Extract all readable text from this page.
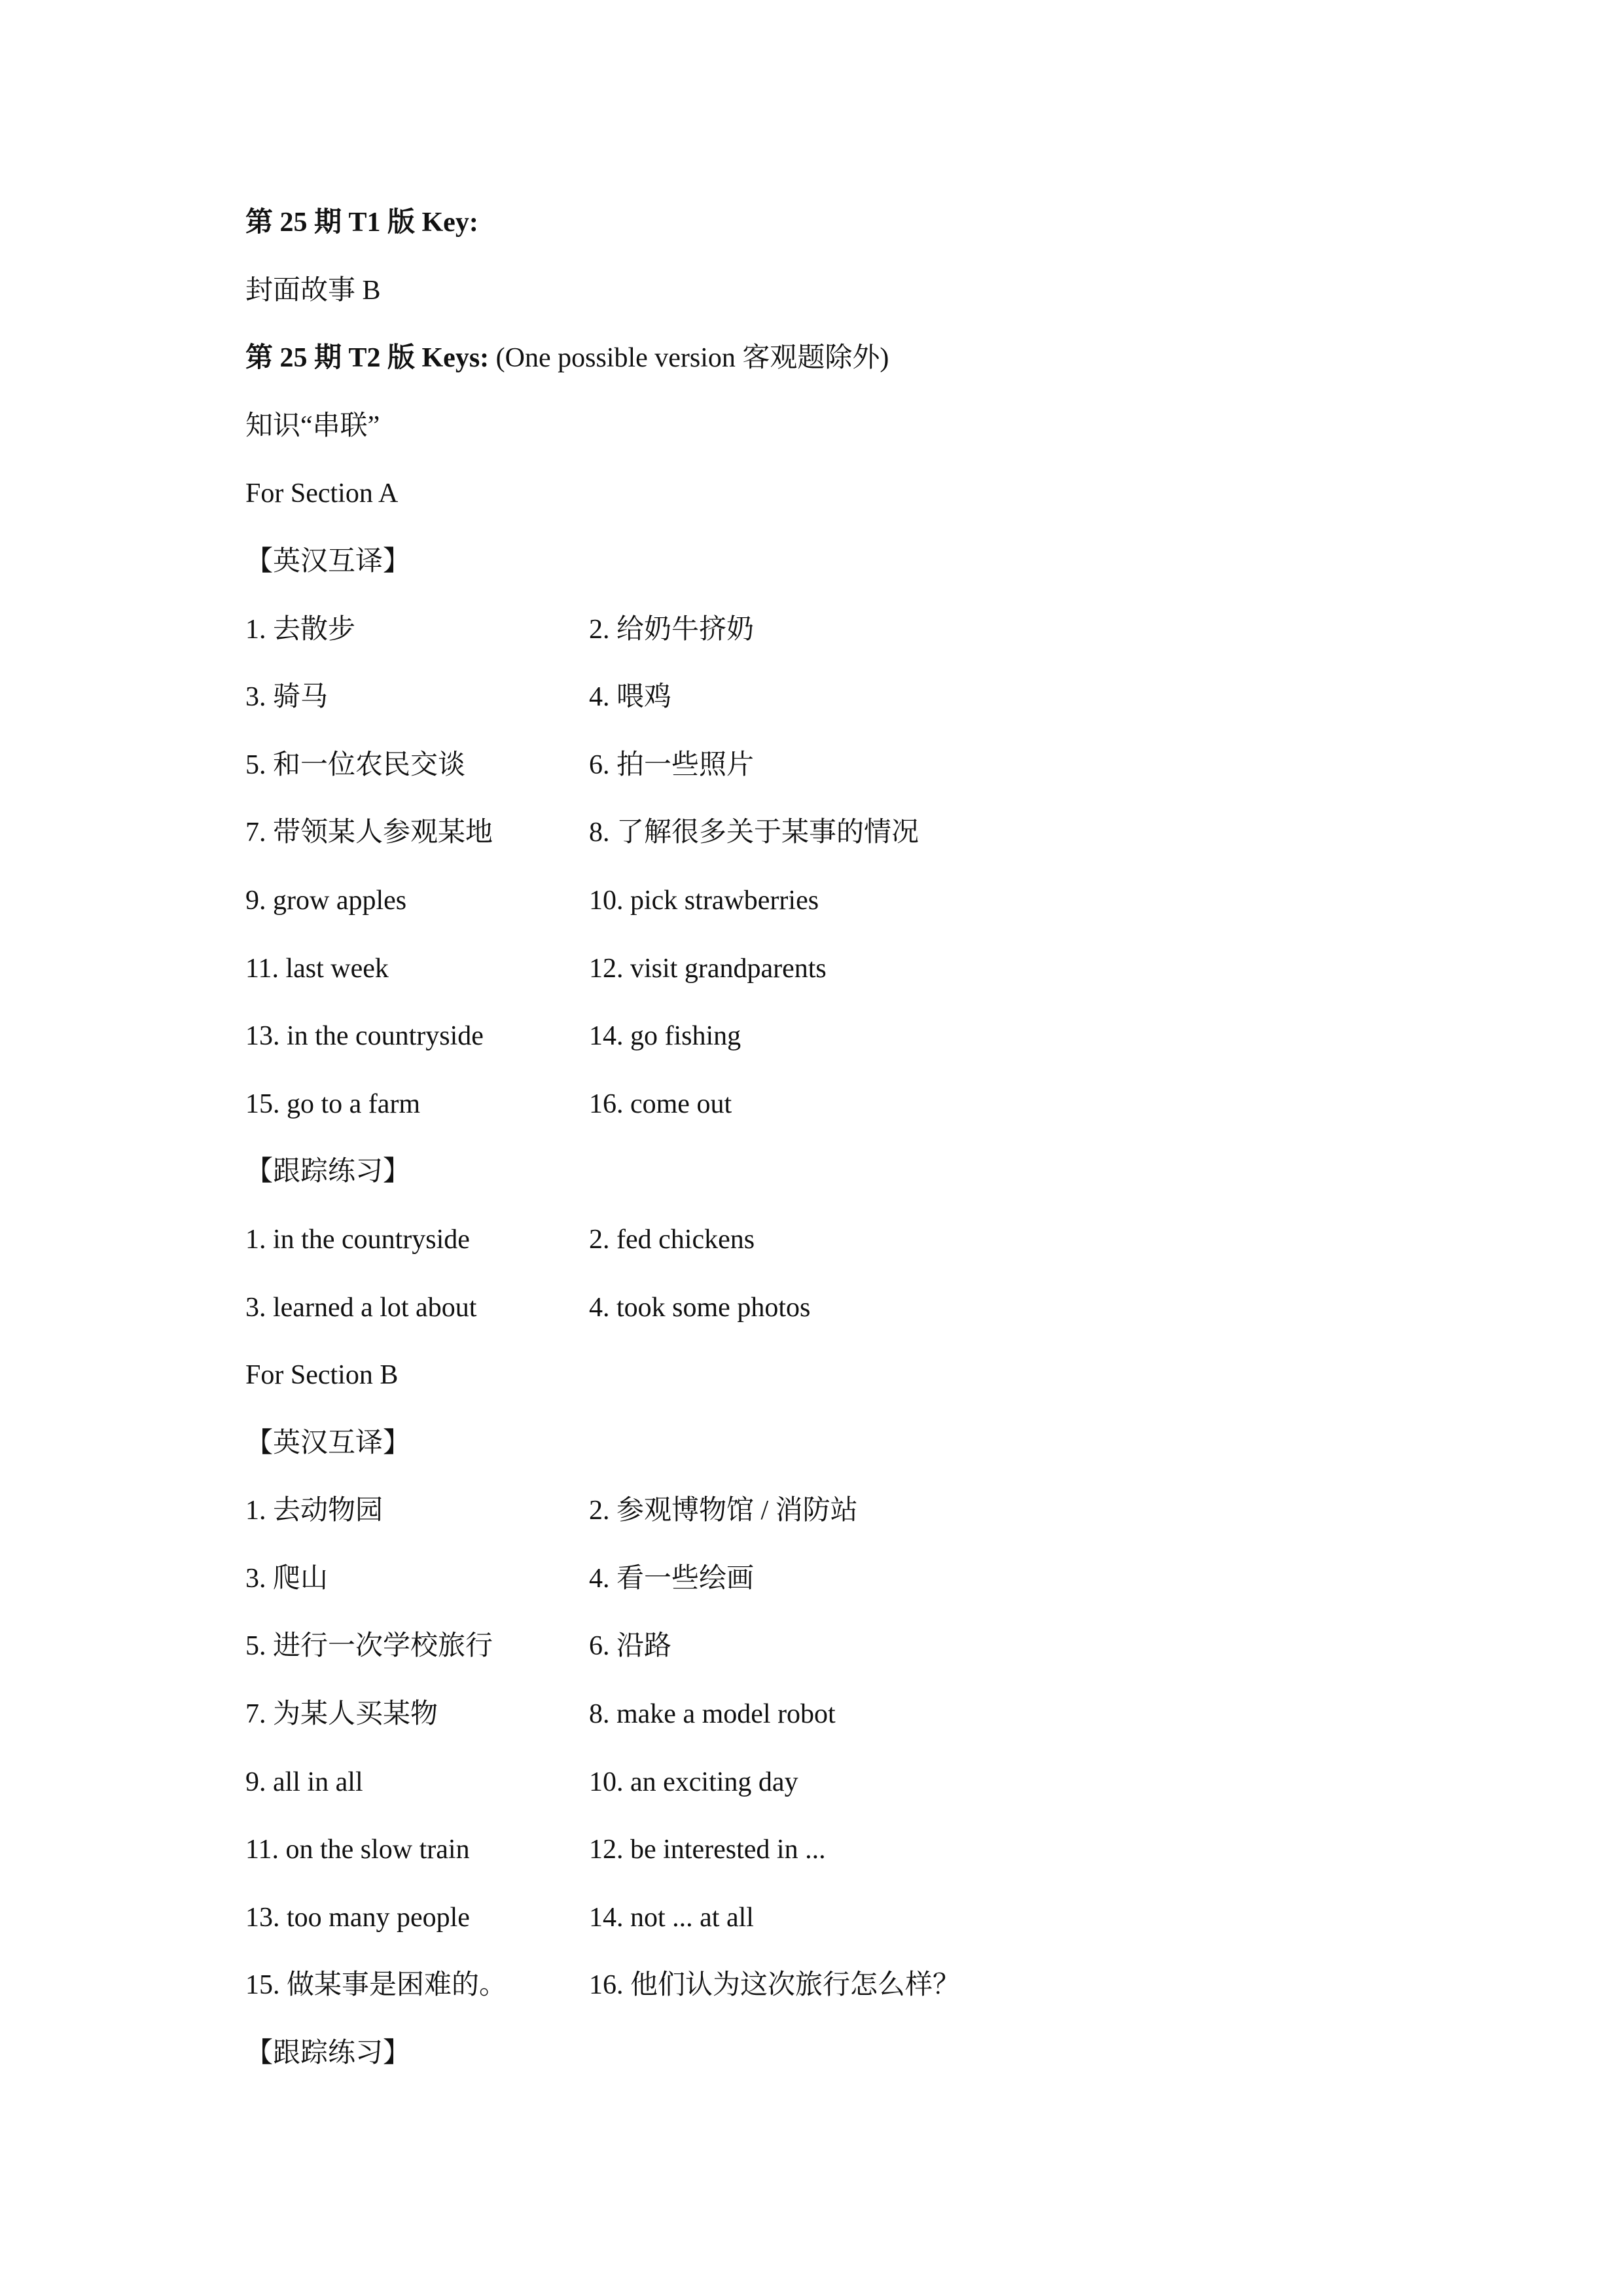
第 25 期 T1 版 Key:
封面故事 B
第 25 期 T2 版 Keys: (One possible version 客观题除外)
知识“串联”
For Section A
【英汉互译】
1. 去散步	2. 给奶牛挤奶
3. 骑马	4. 喂鸡
5. 和一位农民交谈	6. 拍一些照片
7. 带领某人参观某地	8. 了解很多关于某事的情况
9. grow apples	10. pick strawberries
11. last week	12. visit grandparents
13. in the countryside	14. go fishing
15. go to a farm	16. come out
【跟踪练习】
1. in the countryside	2. fed chickens
3. learned a lot about	4. took some photos
For Section B
【英汉互译】
1. 去动物园	2. 参观博物馆 / 消防站
3. 爬山	4. 看一些绘画
5. 进行一次学校旅行	6. 沿路
7. 为某人买某物	8. make a model robot
9. all in all	10. an exciting day
11. on the slow train	12. be interested in ...
13. too many people	14. not ... at all
15. 做某事是困难的。	16. 他们认为这次旅行怎么样？
【跟踪练习】
